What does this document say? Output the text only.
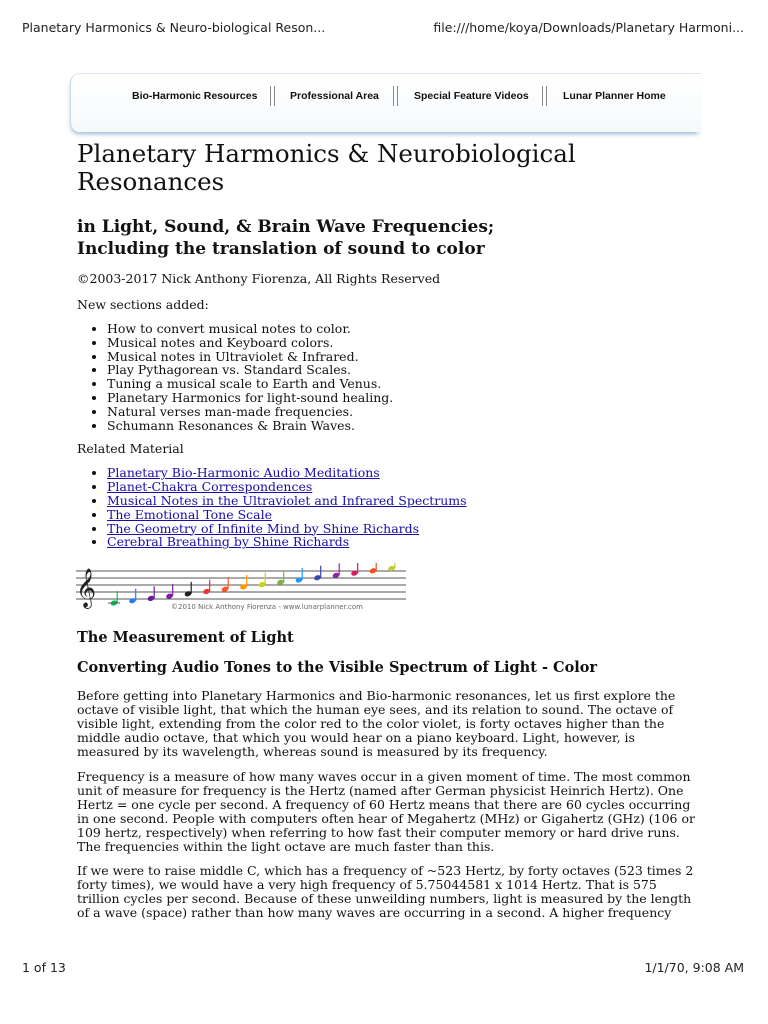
Planetary Harmonics & Neuro-biological Reson...	file:///home/koya/Downloads/Planetary Harmoni...
Bio-Harmonic Resources	Professional Area	Special Feature Videos	Lunar Planner Home
Planetary Harmonics & Neurobiological Resonances
in Light, Sound, & Brain Wave Frequencies;
Including the translation of sound to color

©2003-2017 Nick Anthony Fiorenza, All Rights Reserved

New sections added:

• How to convert musical notes to color.
• Musical notes and Keyboard colors.
• Musical notes in Ultraviolet & Infrared.
• Play Pythagorean vs. Standard Scales.
• Tuning a musical scale to Earth and Venus.
• Planetary Harmonics for light-sound healing.
• Natural verses man-made frequencies.
• Schumann Resonances & Brain Waves.

Related Material

• Planetary Bio-Harmonic Audio Meditations
• Planet-Chakra Correspondences
• Musical Notes in the Ultraviolet and Infrared Spectrums
• The Emotional Tone Scale
• The Geometry of Infinite Mind by Shine Richards
• Cerebral Breathing by Shine Richards
𝄞	©2010 Nick Anthony Fiorenza - www.lunarplanner.com
The Measurement of Light
Converting Audio Tones to the Visible Spectrum of Light - Color
Before getting into Planetary Harmonics and Bio-harmonic resonances, let us first explore the octave of visible light, that which the human eye sees, and its relation to sound. The octave of visible light, extending from the color red to the color violet, is forty octaves higher than the middle audio octave, that which you would hear on a piano keyboard. Light, however, is measured by its wavelength, whereas sound is measured by its frequency.
Frequency is a measure of how many waves occur in a given moment of time. The most common unit of measure for frequency is the Hertz (named after German physicist Heinrich Hertz). One Hertz = one cycle per second. A frequency of 60 Hertz means that there are 60 cycles occurring in one second. People with computers often hear of Megahertz (MHz) or Gigahertz (GHz) (106 or 109 hertz, respectively) when referring to how fast their computer memory or hard drive runs. The frequencies within the light octave are much faster than this.
If we were to raise middle C, which has a frequency of ~523 Hertz, by forty octaves (523 times 2 forty times), we would have a very high frequency of 5.75044581 x 1014 Hertz. That is 575 trillion cycles per second. Because of these unweilding numbers, light is measured by the length of a wave (space) rather than how many waves are occurring in a second. A higher frequency
1 of 13	1/1/70, 9:08 AM
